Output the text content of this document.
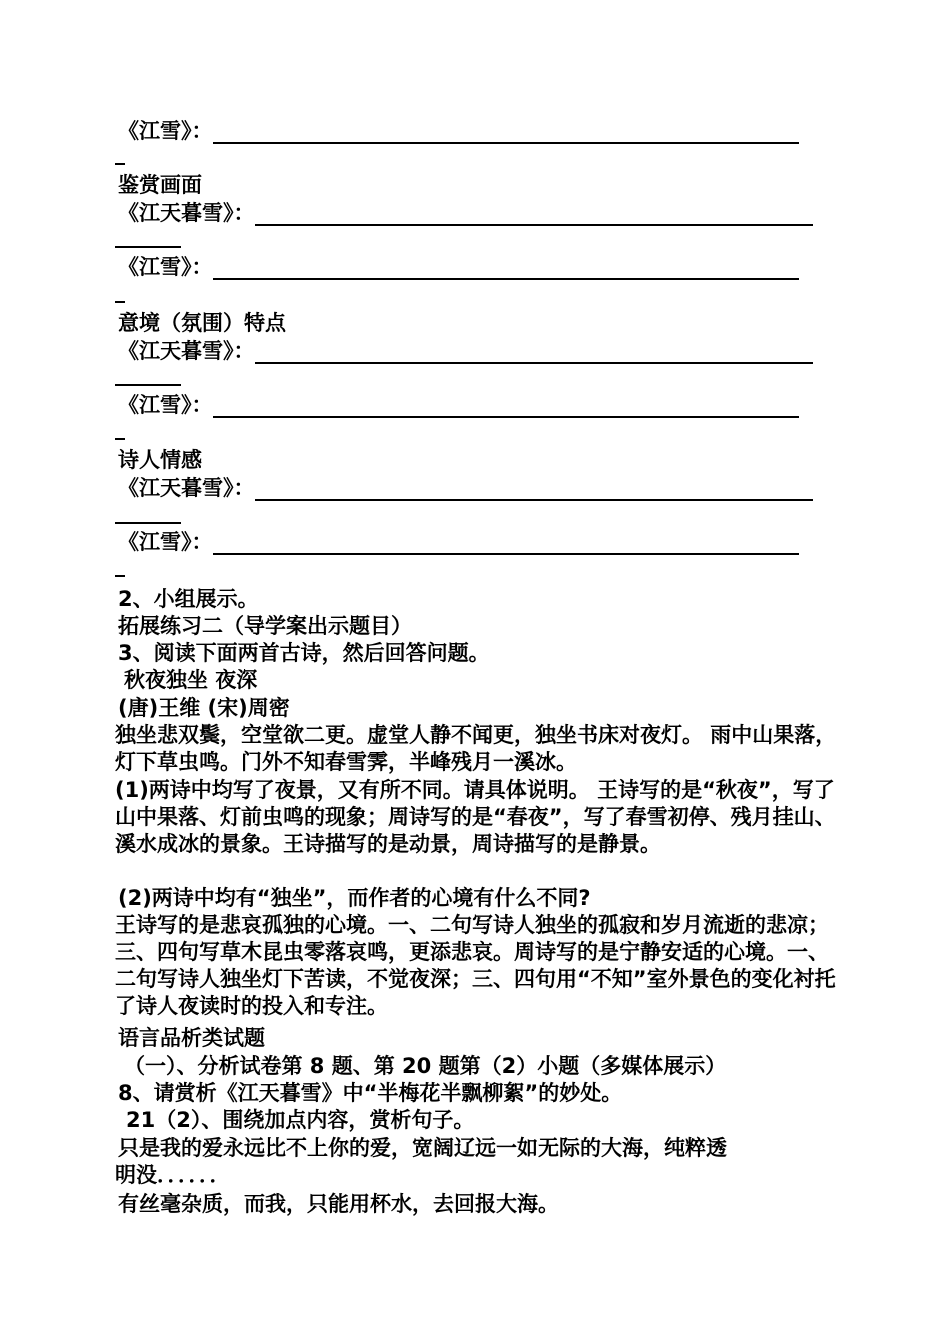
《江雪》：
鉴赏画面
《江天暮雪》：
《江雪》：
意境（氛围）特点
《江天暮雪》：
《江雪》：
诗人情感
《江天暮雪》：
《江雪》：
2、小组展示。
拓展练习二（导学案出示题目）
3、阅读下面两首古诗，然后回答问题。
秋夜独坐 夜深
(唐)王维 (宋)周密
独坐悲双鬓，空堂欲二更。虚堂人静不闻更，独坐书床对夜灯。 雨中山果落，灯下草虫鸣。门外不知春雪霁，半峰残月一溪冰。
(1)两诗中均写了夜景，又有所不同。请具体说明。 王诗写的是“秋夜”，写了山中果落、灯前虫鸣的现象；周诗写的是“春夜”，写了春雪初停、残月挂山、溪水成冰的景象。王诗描写的是动景，周诗描写的是静景。
(2)两诗中均有“独坐”，而作者的心境有什么不同?
王诗写的是悲哀孤独的心境。一、二句写诗人独坐的孤寂和岁月流逝的悲凉；三、四句写草木昆虫零落哀鸣，更添悲哀。周诗写的是宁静安适的心境。一、二句写诗人独坐灯下苦读，不觉夜深；三、四句用“不知”室外景色的变化衬托了诗人夜读时的投入和专注。
语言品析类试题
（一）、分析试卷第 8 题、第 20 题第（2）小题（多媒体展示）
8、请赏析《江天暮雪》中“半梅花半飘柳絮”的妙处。
21（2）、围绕加点内容，赏析句子。
只是我的爱永远比不上你的爱，宽阔辽远一如无际的大海，纯粹透
明没．．．．．．
有丝毫杂质，而我，只能用杯水，去回报大海。
